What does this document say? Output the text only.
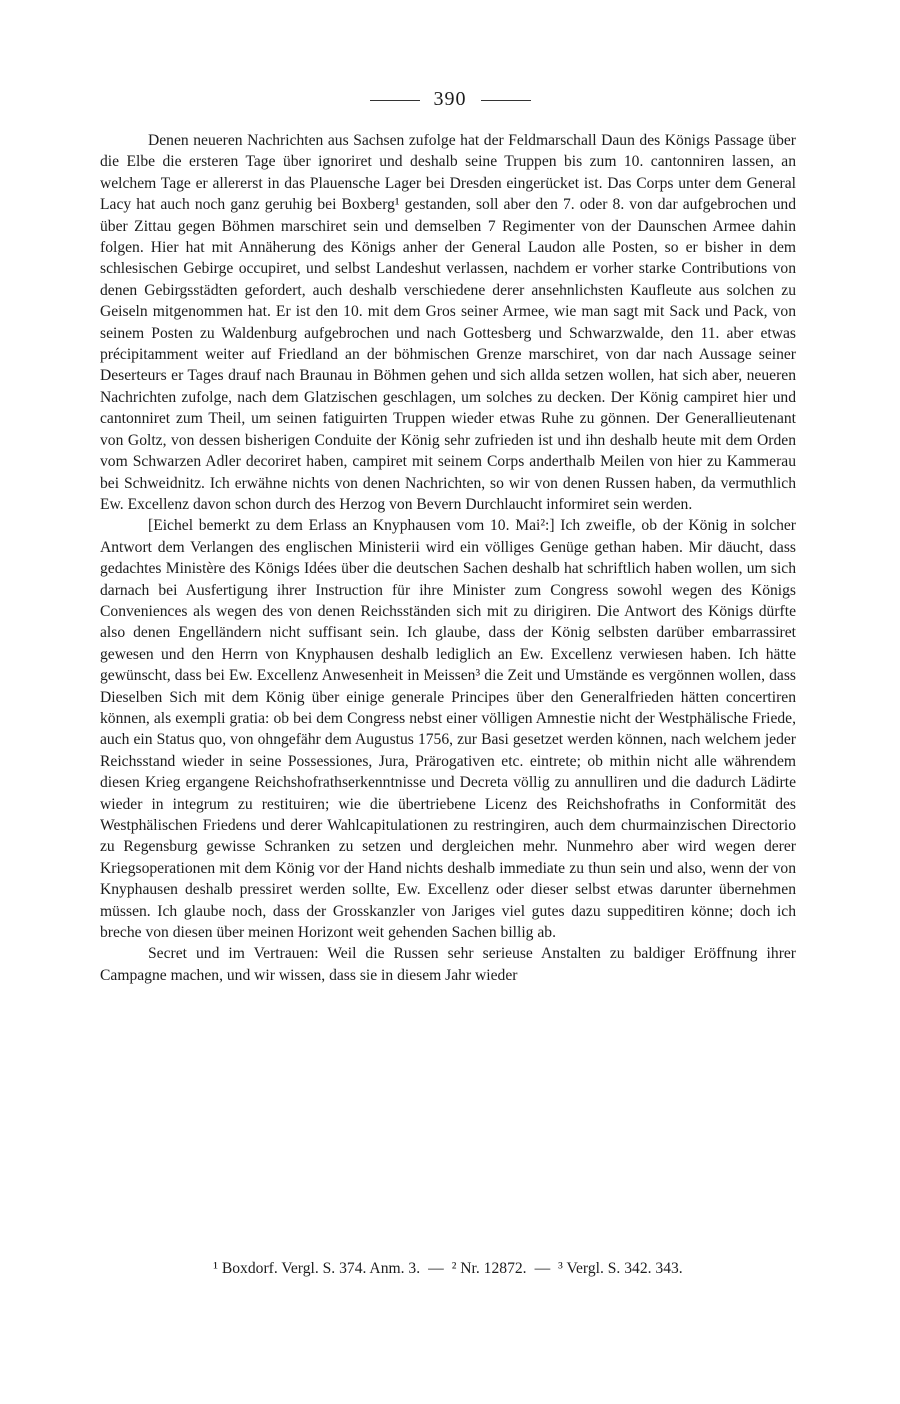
390

Denen neueren Nachrichten aus Sachsen zufolge hat der Feldmarschall Daun des Königs Passage über die Elbe die ersteren Tage über ignoriret und deshalb seine Truppen bis zum 10. cantonniren lassen, an welchem Tage er allererst in das Plauensche Lager bei Dresden eingerücket ist. Das Corps unter dem General Lacy hat auch noch ganz geruhig bei Boxberg¹ gestanden, soll aber den 7. oder 8. von dar aufgebrochen und über Zittau gegen Böhmen marschiret sein und demselben 7 Regimenter von der Daunschen Armee dahin folgen. Hier hat mit Annäherung des Königs anher der General Laudon alle Posten, so er bisher in dem schlesischen Gebirge occupiret, und selbst Landeshut verlassen, nachdem er vorher starke Contributions von denen Gebirgsstädten gefordert, auch deshalb verschiedene derer ansehnlichsten Kaufleute aus solchen zu Geiseln mitgenommen hat. Er ist den 10. mit dem Gros seiner Armee, wie man sagt mit Sack und Pack, von seinem Posten zu Waldenburg aufgebrochen und nach Gottesberg und Schwarzwalde, den 11. aber etwas précipitamment weiter auf Friedland an der böhmischen Grenze marschiret, von dar nach Aussage seiner Deserteurs er Tages drauf nach Braunau in Böhmen gehen und sich allda setzen wollen, hat sich aber, neueren Nachrichten zufolge, nach dem Glatzischen geschlagen, um solches zu decken. Der König campiret hier und cantonniret zum Theil, um seinen fatiguirten Truppen wieder etwas Ruhe zu gönnen. Der Generallieutenant von Goltz, von dessen bisherigen Conduite der König sehr zufrieden ist und ihn deshalb heute mit dem Orden vom Schwarzen Adler decoriret haben, campiret mit seinem Corps anderthalb Meilen von hier zu Kammerau bei Schweidnitz. Ich erwähne nichts von denen Nachrichten, so wir von denen Russen haben, da vermuthlich Ew. Excellenz davon schon durch des Herzog von Bevern Durchlaucht informiret sein werden.

[Eichel bemerkt zu dem Erlass an Knyphausen vom 10. Mai²:] Ich zweifle, ob der König in solcher Antwort dem Verlangen des englischen Ministerii wird ein völliges Genüge gethan haben. Mir däucht, dass gedachtes Ministère des Königs Idées über die deutschen Sachen deshalb hat schriftlich haben wollen, um sich darnach bei Ausfertigung ihrer Instruction für ihre Minister zum Congress sowohl wegen des Königs Conveniences als wegen des von denen Reichsständen sich mit zu dirigiren. Die Antwort des Königs dürfte also denen Engelländern nicht suffisant sein. Ich glaube, dass der König selbsten darüber embarrassiret gewesen und den Herrn von Knyphausen deshalb lediglich an Ew. Excellenz verwiesen haben. Ich hätte gewünscht, dass bei Ew. Excellenz Anwesenheit in Meissen³ die Zeit und Umstände es vergönnen wollen, dass Dieselben Sich mit dem König über einige generale Principes über den Generalfrieden hätten concertiren können, als exempli gratia: ob bei dem Congress nebst einer völligen Amnestie nicht der Westphälische Friede, auch ein Status quo, von ohngefähr dem Augustus 1756, zur Basi gesetzet werden können, nach welchem jeder Reichsstand wieder in seine Possessiones, Jura, Prärogativen etc. eintrete; ob mithin nicht alle währendem diesen Krieg ergangene Reichshofrathserkenntnisse und Decreta völlig zu annulliren und die dadurch Lädirte wieder in integrum zu restituiren; wie die übertriebene Licenz des Reichshofraths in Conformität des Westphälischen Friedens und derer Wahlcapitulationen zu restringiren, auch dem churmainzischen Directorio zu Regensburg gewisse Schranken zu setzen und dergleichen mehr. Nunmehro aber wird wegen derer Kriegsoperationen mit dem König vor der Hand nichts deshalb immediate zu thun sein und also, wenn der von Knyphausen deshalb pressiret werden sollte, Ew. Excellenz oder dieser selbst etwas darunter übernehmen müssen. Ich glaube noch, dass der Grosskanzler von Jariges viel gutes dazu suppeditiren könne; doch ich breche von diesen über meinen Horizont weit gehenden Sachen billig ab.

Secret und im Vertrauen: Weil die Russen sehr serieuse Anstalten zu baldiger Eröffnung ihrer Campagne machen, und wir wissen, dass sie in diesem Jahr wieder

¹ Boxdorf. Vergl. S. 374. Anm. 3. — ² Nr. 12872. — ³ Vergl. S. 342. 343.
